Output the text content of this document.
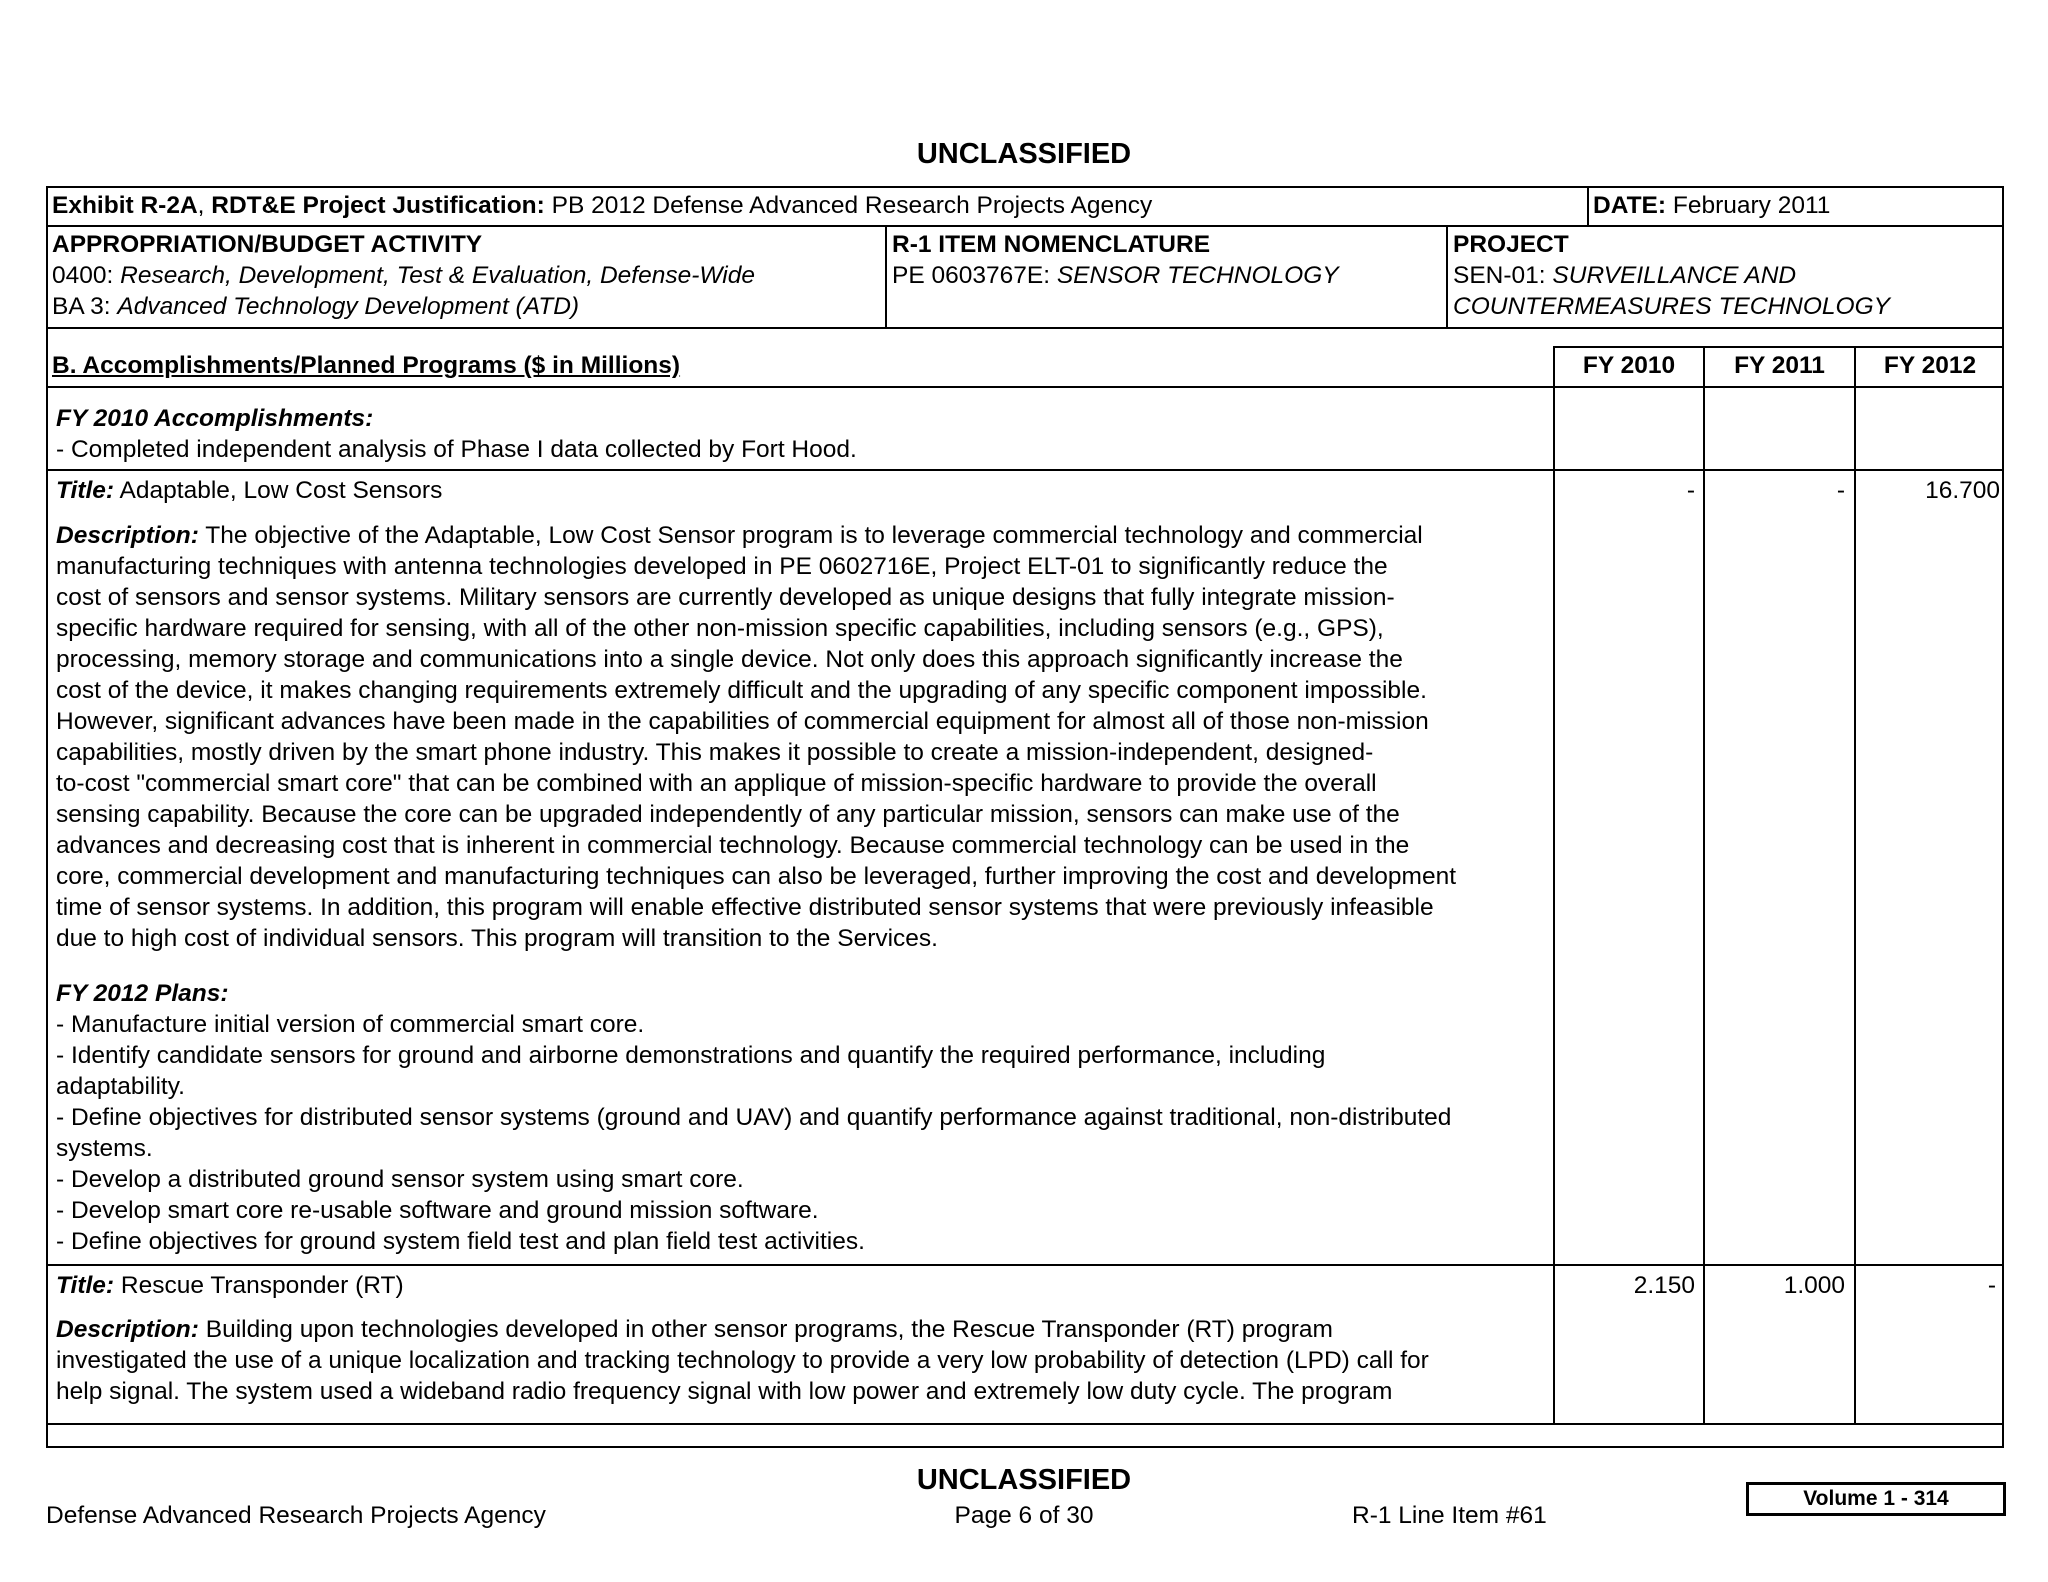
UNCLASSIFIED
Exhibit R-2A, RDT&E Project Justification: PB 2012 Defense Advanced Research Projects Agency	DATE: February 2011
APPROPRIATION/BUDGET ACTIVITY
0400: Research, Development, Test & Evaluation, Defense-Wide
BA 3: Advanced Technology Development (ATD)
R-1 ITEM NOMENCLATURE
PE 0603767E: SENSOR TECHNOLOGY
PROJECT
SEN-01: SURVEILLANCE AND
COUNTERMEASURES TECHNOLOGY
B. Accomplishments/Planned Programs ($ in Millions)	FY 2010	FY 2011	FY 2012
FY 2010 Accomplishments:
- Completed independent analysis of Phase I data collected by Fort Hood.
Title: Adaptable, Low Cost Sensors	-	-	16.700
Description: The objective of the Adaptable, Low Cost Sensor program is to leverage commercial technology and commercial
manufacturing techniques with antenna technologies developed in PE 0602716E, Project ELT-01 to significantly reduce the
cost of sensors and sensor systems. Military sensors are currently developed as unique designs that fully integrate mission-
specific hardware required for sensing, with all of the other non-mission specific capabilities, including sensors (e.g., GPS),
processing, memory storage and communications into a single device. Not only does this approach significantly increase the
cost of the device, it makes changing requirements extremely difficult and the upgrading of any specific component impossible.
However, significant advances have been made in the capabilities of commercial equipment for almost all of those non-mission
capabilities, mostly driven by the smart phone industry. This makes it possible to create a mission-independent, designed-
to-cost "commercial smart core" that can be combined with an applique of mission-specific hardware to provide the overall
sensing capability. Because the core can be upgraded independently of any particular mission, sensors can make use of the
advances and decreasing cost that is inherent in commercial technology. Because commercial technology can be used in the
core, commercial development and manufacturing techniques can also be leveraged, further improving the cost and development
time of sensor systems. In addition, this program will enable effective distributed sensor systems that were previously infeasible
due to high cost of individual sensors. This program will transition to the Services.
FY 2012 Plans:
- Manufacture initial version of commercial smart core.
- Identify candidate sensors for ground and airborne demonstrations and quantify the required performance, including
adaptability.
- Define objectives for distributed sensor systems (ground and UAV) and quantify performance against traditional, non-distributed
systems.
- Develop a distributed ground sensor system using smart core.
- Develop smart core re-usable software and ground mission software.
- Define objectives for ground system field test and plan field test activities.
Title: Rescue Transponder (RT)	2.150	1.000	-
Description: Building upon technologies developed in other sensor programs, the Rescue Transponder (RT) program
investigated the use of a unique localization and tracking technology to provide a very low probability of detection (LPD) call for
help signal. The system used a wideband radio frequency signal with low power and extremely low duty cycle. The program
UNCLASSIFIED
Defense Advanced Research Projects Agency	Page 6 of 30	R-1 Line Item #61
Volume 1 - 314
